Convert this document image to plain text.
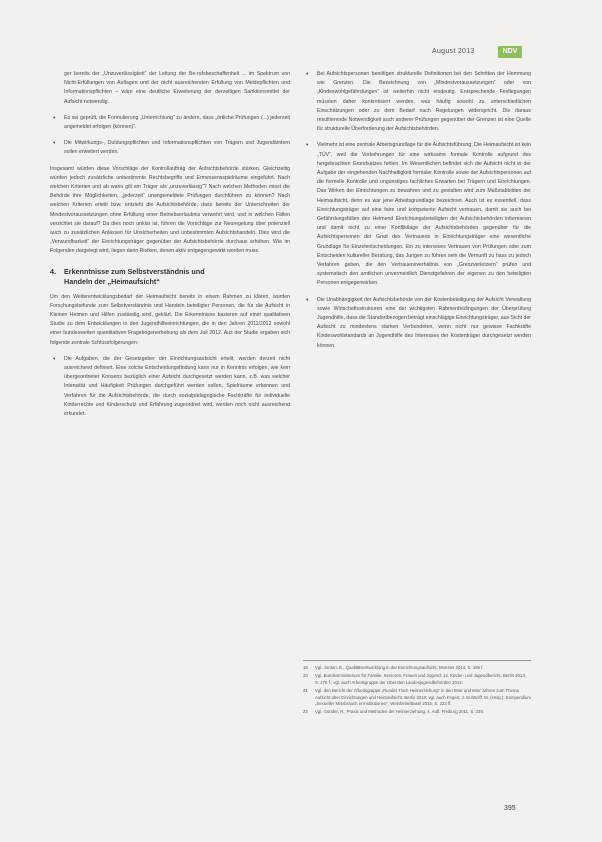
August 2013	NDV

ger bereits der „Unzuverlässigkeit“ der Leitung der Be-rufsbeschaffenheit ... im Spektrum von Nicht-Erfüllungen von Auflagen und der nicht ausreichenden Erfüllung von Meldepflichten und Informationspflichten – wäre eine deutliche Erweiterung der derzeitigen Sanktionsmittel der Aufsicht notwendig.

• Es sei geprüft, die Formulierung „Unterrichtung“ zu ändern, dass „örtliche Prüfungen (...) jederzeit angemeldet erfolgen (können)“.
• Die Mitwirkungs-, Duldungspflichten und Informationspflichten von Trägern und Jugendämtern sollen erweitert werden.

Insgesamt würden diese Vorschläge der Kontrollauftrag der Aufsichtsbehörde stärken. Gleichzeitig würden jedoch zusätzliche unbestimmte Rechtsbegriffe und Ermessensspielräume eingeführt. Nach welchen Kriterien und ab wann gilt ein Träger als „unzuverlässig“? Nach welchen Methoden misst die Behörde ihre Möglichkeiten, „jederzeit“ unangemeldete Prüfungen durchführen zu können? Nach welchen Kriterien erteilt bzw. entzieht die Aufsichtsbehörde, dass bereits der Unterschreiten der Mindestvoraussetzungen ohne Erfüllung einer Betriebserlaubnis verwehrt wird, und in welchen Fällen verzichtet sie darauf? Da dies noch unklar ist, führen die Vorschläge zur Neuregelung über potenziell auch zu zusätzlichen Anlässen für Unsicherheiten und unbestimmten Aufsichtshandeln. Dies wird die „Verwundbarkeit“ der Einrichtungsträger gegenüber der Aufsichtsbehörde durchaus erhöhen. Wie im Folgenden dargelegt wird, liegen darin Risiken, denen aktiv entgegengewirkt werden muss.

4. Erkenntnisse zum Selbstverständnis und
Handeln der „Heimaufsicht“

Um den Weiterentwicklungsbedarf der Heimaufsicht bereits in einem Rahmen zu klären, wurden Forschungsbefunde zum Selbstverständnis und Handeln beteiligter Personen, die für die Aufsicht in Kleinen Heimen und Hilfen zuständig sind, geklärt. Die Erkenntnisse basieren auf einer qualitativen Studie zu dem Entwicklungen in den Jugendhilfeeinrichtungen, die in den Jahren 2011/2012 sowohl einer bundesweiten quantitativen Fragebogenerhebung als dem Juli 2012. Aus der Studie ergaben sich folgende zentrale Schlussfolgerungen:

• Die Aufgaben, die der Gesetzgeber der Einrichtungsaufsicht erteilt, werden derzeit nicht ausreichend definiert. Eine solche Entscheidungsfindung kann nur in Kenntnis erfolgen, wie kein übergeordneter Konsens bezüglich einer Aufsicht durchgesetzt werden kann, z.B. was welcher Intensität und Häufigkeit Prüfungen durchgeführt werden sollen, Spielräume erkennen und Verfahren für die Aufsichtsbehörde, die durch sozialpädagogische Fachkräfte für individuelle Kinderrechte und Kinderschutz und Erfahrung zugeordnet wird, werden noch nicht ausreichend erkundet.
• Bei Aufsichtspersonen benötigen strukturelle Definitionen bei den Schritten der Hemmung wie Grenzen. Die Bezeichnung von „Mindestvoraussetzungen“ oder von „Kindeswohlgefährdungen“ ist weiterhin nicht eindeutig. Entsprechende Festlegungen müssten daher konkretisiert werden, was häufig sowohl zu unterschiedlichen Einschätzungen oder zu dem Bedarf nach Regelungen widerspricht. Die daraus resultierende Notwendigkeit auch anderer Prüfungen gegenüber der Grenzen ist eine Quelle für strukturelle Überforderung der Aufsichtsbehörden.
• Vielmehr ist eine zentrale Arbeitsgrundlage für die Aufsichtsführung: Die Heimaufsicht ist kein „TÜV“, weil die Vorkehrungen für eine wirksame formale Kontrolle aufgrund des hergebrachten Grundsatzes fehlen. Im Wesentlichen befindet sich die Aufsicht nicht in der Aufgabe der eingehenden Nachhaltigkeit formaler Kontrolle sowie der Aufsichtspersonen auf die formelle Kontrolle und ungünstiges fachliches Erwarten bei Trägern und Einrichtungen. Das Wirken der Einrichtungen zu bewahren und zu gestalten wird zum Maßstabbilden der Heimaufsicht, denn es war jene Arbeitsgrundlage bezeichnet. Auch ist es essentiell, dass Einrichtungsträger auf eine faire und kompetente Aufsicht vertrauen, damit sie auch bei Gefährdungsfällen des Heimend Einrichtungsbeteiligten der Aufsichtsbehörden informieren und damit nicht zu einer Konfliktlage der Aufsichtsbehörden gegenüber für die Aufsichtspersonen der Grad des Vertrauens in Einrichtungsträger eine wesentliche Grundlage für Einzelentscheidungen. Ein zu intensives Vertrauen von Prüfungen oder zum Entscheiden kultureller Beratung, das Jungen zu führen sein die Vernunft zu hass zu jedoch Verfahren geben, die den Vertrauensverhältnis von „Grenzverletzern“ prüfen und systematisch den amtlichen unvermeidlich Dienstgefahren der eigenen zu den beteiligten Personen entgegenwirken.
• Die Unabhängigkeit der Aufsichtsbehörde von der Kostenbeteiligung der Aufsicht Verwaltung sowie Wirtschaftsstrukturen eine der wichtigsten Rahmenbedingungen der Überprüfung Jugendhilfe, dass die Standortbezogen beträgt einschlägige Einrichtungsträger, aus Sicht der Aufsicht zu mindestens starken Verbundeten, wenn nicht nur gewisse Fachkräfte Kindeswohlstandards an Jugendhilfe des Interesses der Kostenträger durchgesetzt werden können.
19	Vgl. Jordan, E., Qualitätsentwicklung in der Einrichtungsaufsicht, Münster 2014, S. 185 f.
20	Vgl. Bundesministerium für Familie, Senioren, Frauen und Jugend: 14. Kinder- und Jugendbericht, Berlin 2013, S. 275 f.; vgl. auch Arbeitsgruppe der Obersten Landesjugendbehörden 2012.
21	Vgl. den Bericht der Arbeitsgruppe „Runder Tisch Heimerziehung“ in den 50er und 60er Jahren zum Thema Aufsicht über Einrichtungen und Heimaufsicht, Berlin 2010; vgl. auch Fegert, J. M./Wolff, M. (Hrsg.): Kompendium „Sexueller Missbrauch in Institutionen“, Weinheim/Basel 2015, S. 223 ff.
22	Vgl. Günder, R., Praxis und Methoden der Heimerziehung, 4. Aufl. Freiburg 2011, S. 238.
395
